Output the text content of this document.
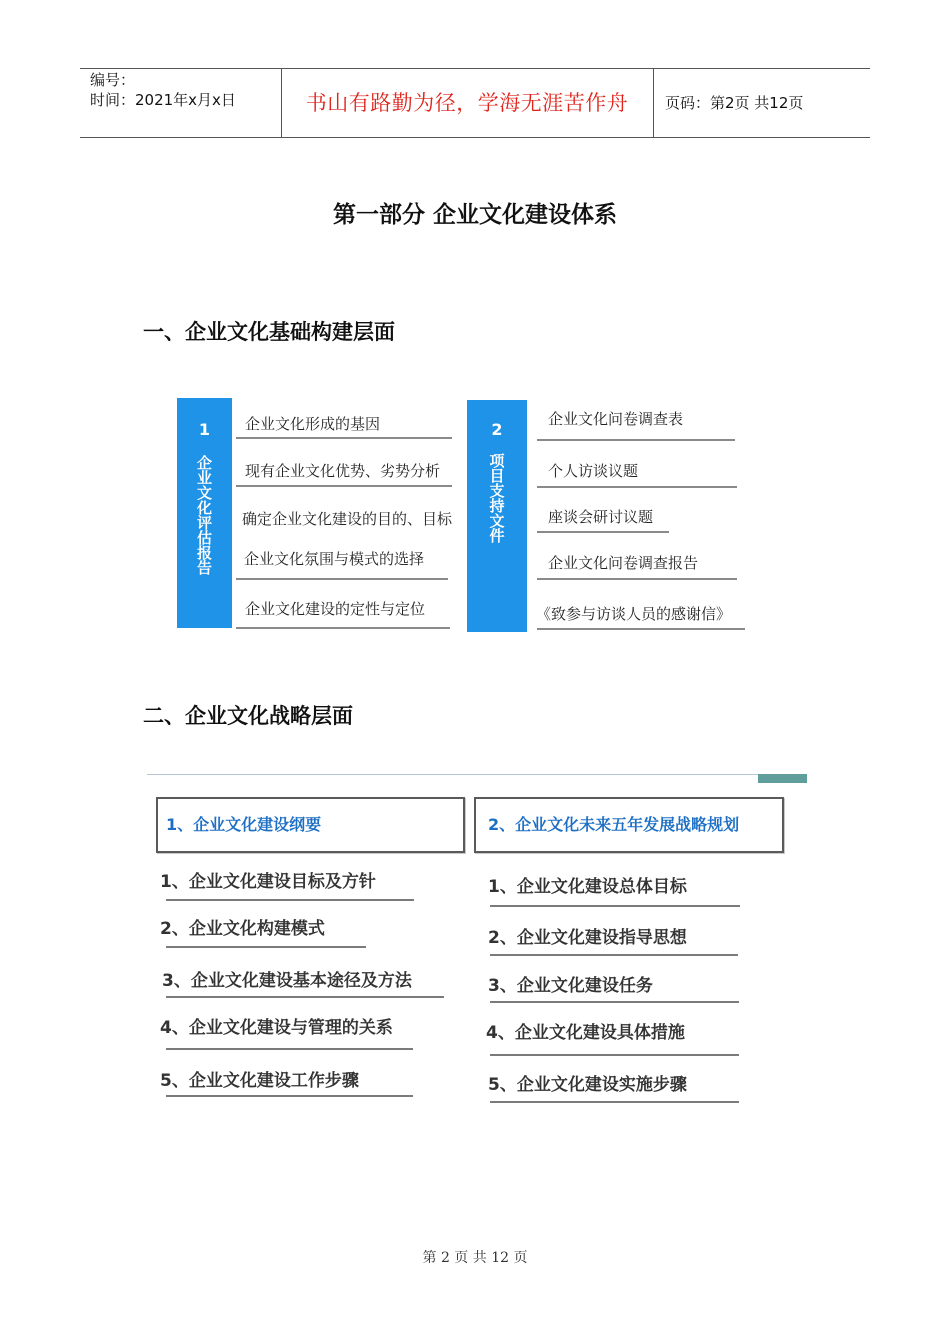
编号：
时间：2021年x月x日	书山有路勤为径，学海无涯苦作舟	页码：第2页 共12页
第一部分 企业文化建设体系
一、企业文化基础构建层面
1
企
业
文
化
评
估
报
告
企业文化形成的基因
现有企业文化优势、劣势分析
确定企业文化建设的目的、目标
企业文化氛围与模式的选择
企业文化建设的定性与定位
2
项
目
支
持
文
件
企业文化问卷调查表
个人访谈议题
座谈会研讨议题
企业文化问卷调查报告
《致参与访谈人员的感谢信》
二、企业文化战略层面
1、企业文化建设纲要	2、企业文化未来五年发展战略规划
1、企业文化建设目标及方针
2、企业文化构建模式
3、企业文化建设基本途径及方法
4、企业文化建设与管理的关系
5、企业文化建设工作步骤
1、企业文化建设总体目标
2、企业文化建设指导思想
3、企业文化建设任务
4、企业文化建设具体措施
5、企业文化建设实施步骤
第 2 页 共 12 页
